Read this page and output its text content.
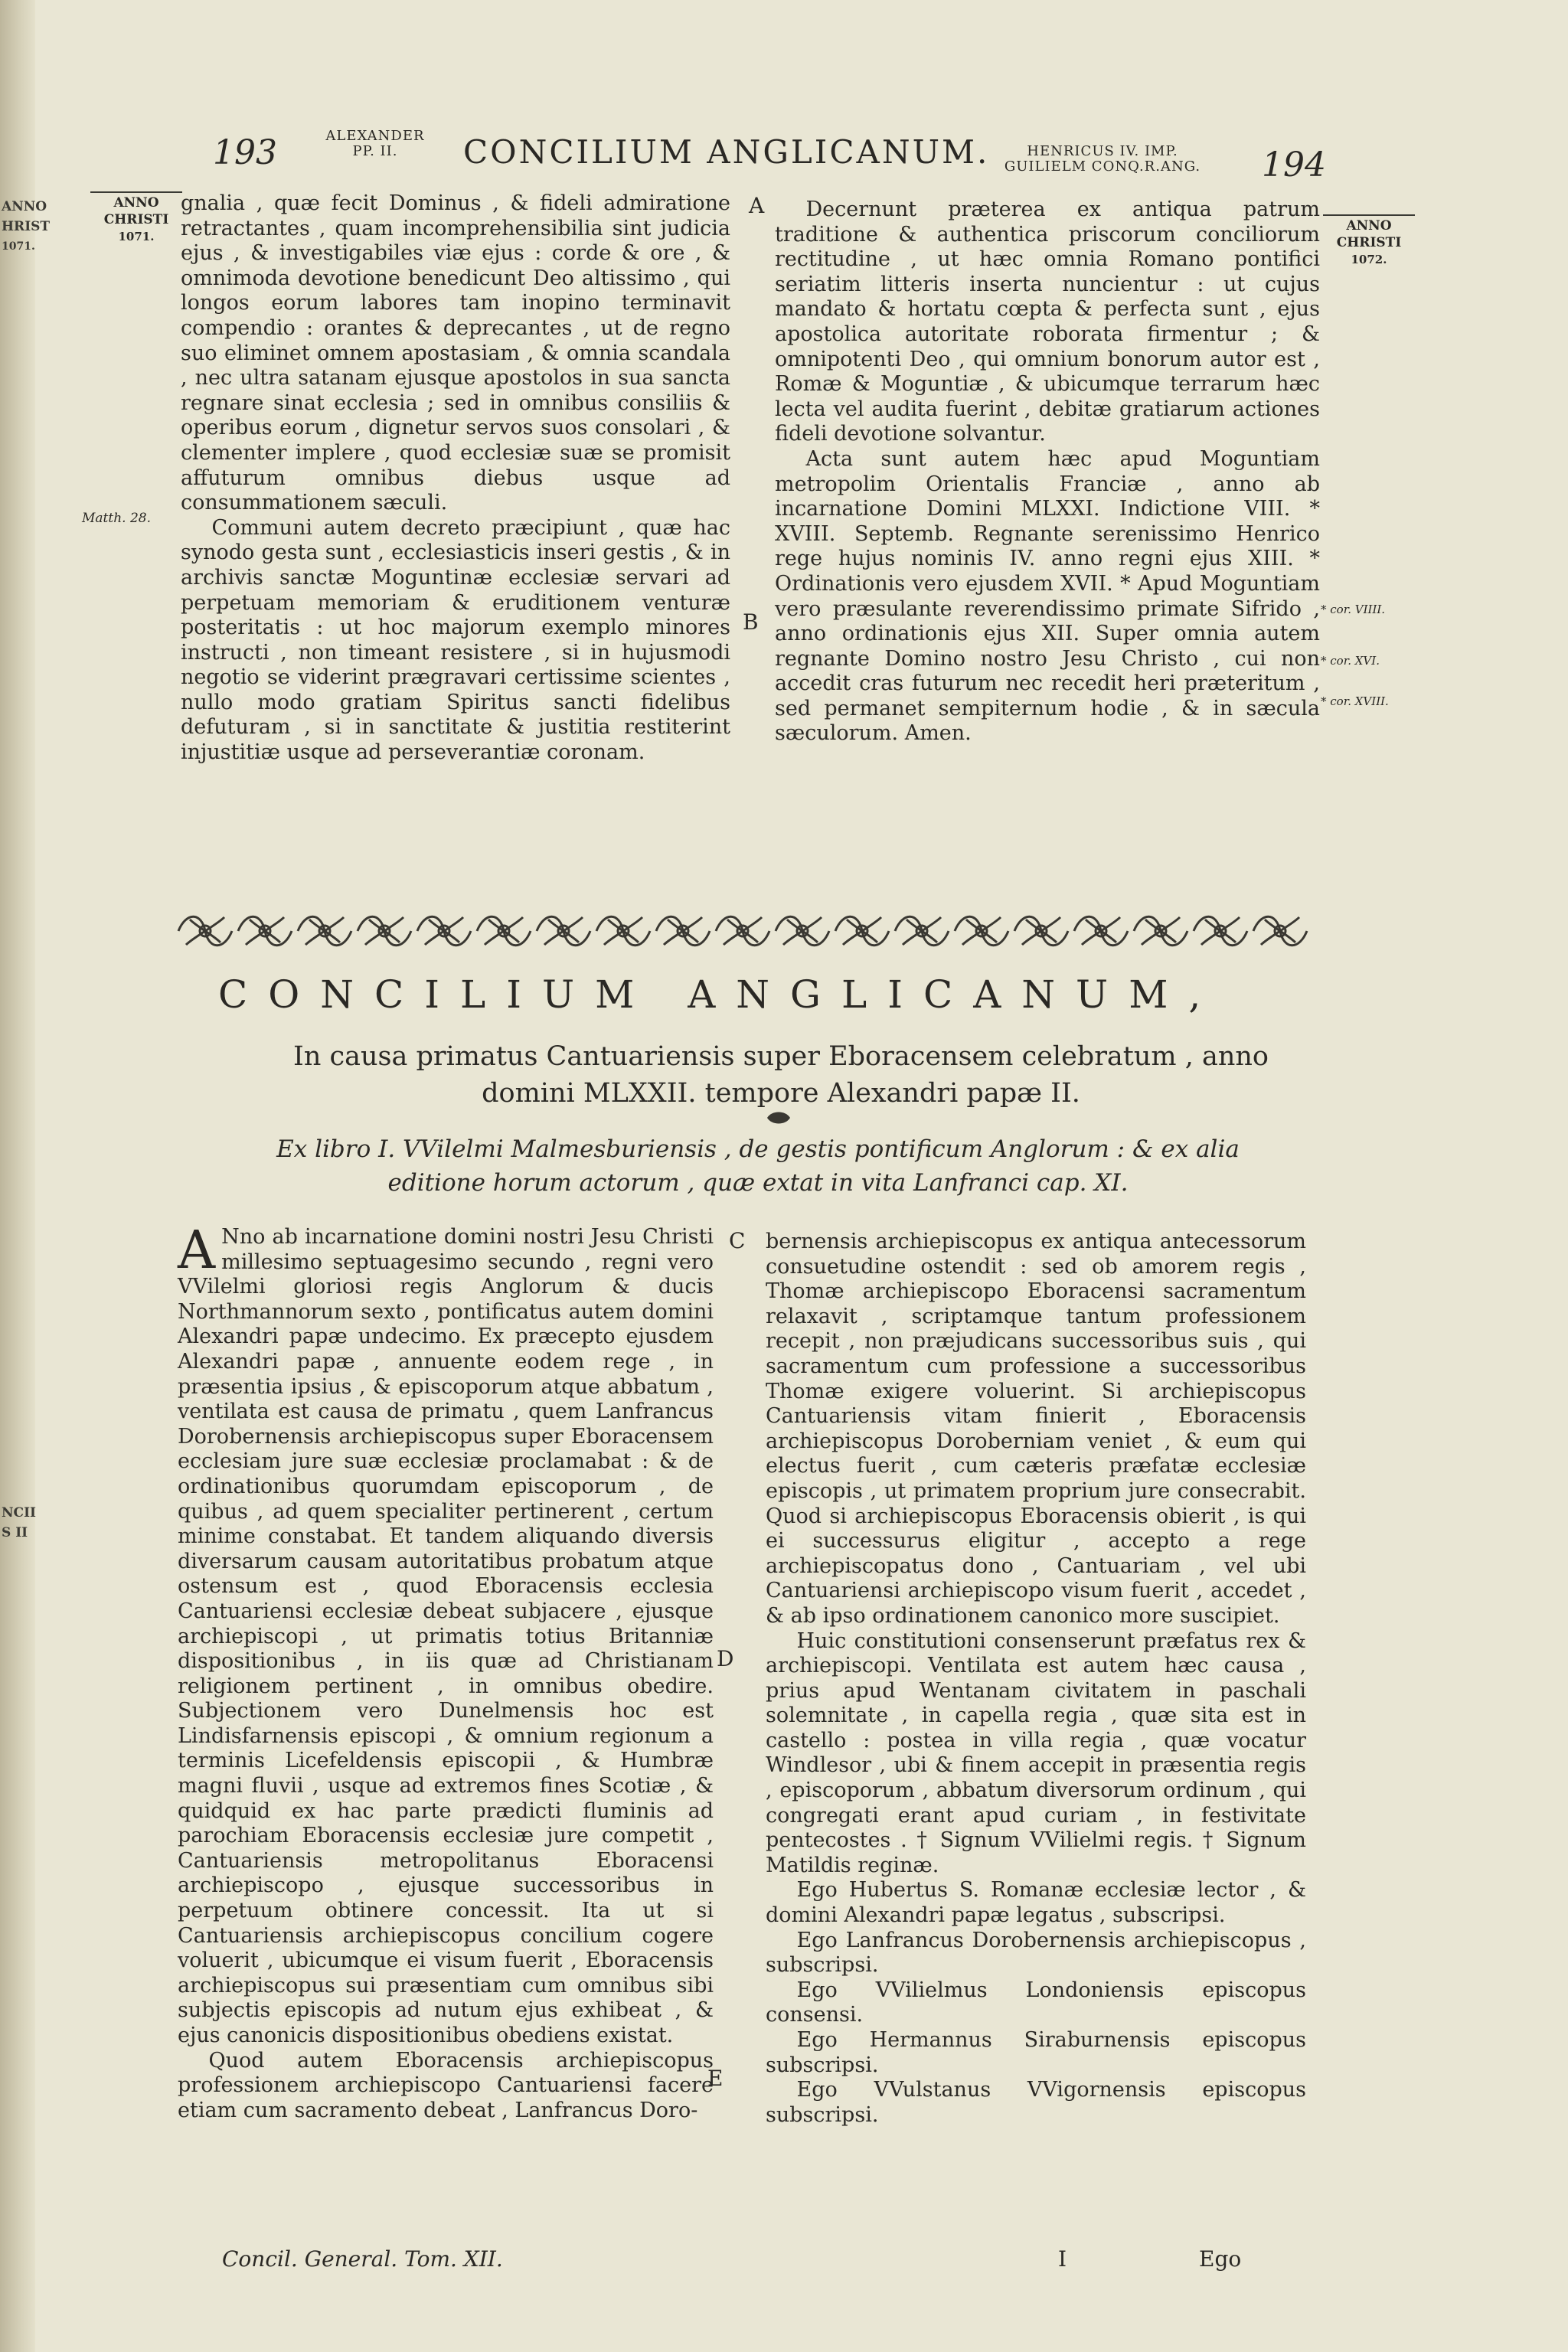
ANNO
HRIST
1071.
NCII
S II
193	ALEXANDER
PP. II.	CONCILIUM ANGLICANUM.	HENRICUS IV. IMP.
GUILIELM CONQ.R.ANG.	194
ANNO
CHRISTI
1071.
Matth. 28.
ANNO
CHRISTI
1072.
* cor. VIIII.
* cor. XVI.
* cor. XVIII.
A
B
C
D
E

gnalia , quæ fecit Dominus , & fideli admiratione retractantes , quam incomprehensibilia sint judicia ejus , & investigabiles viæ ejus : corde & ore , & omnimoda devotione benedicunt Deo altissimo , qui longos eorum labores tam inopino terminavit compendio : orantes & deprecantes , ut de regno suo eliminet omnem apostasiam , & omnia scandala , nec ultra satanam ejusque apostolos in sua sancta regnare sinat ecclesia ; sed in omnibus consiliis & operibus eorum , dignetur servos suos consolari , & clementer implere , quod ecclesiæ suæ se promisit affuturum omnibus diebus usque ad consummationem sæculi.

Communi autem decreto præcipiunt , quæ hac synodo gesta sunt , ecclesiasticis inseri gestis , & in archivis sanctæ Moguntinæ ecclesiæ servari ad perpetuam memoriam & eruditionem venturæ posteritatis : ut hoc majorum exemplo minores instructi , non timeant resistere , si in hujusmodi negotio se viderint prægravari certissime scientes , nullo modo gratiam Spiritus sancti fidelibus defuturam , si in sanctitate & justitia restiterint injustitiæ usque ad perseverantiæ coronam.

Decernunt præterea ex antiqua patrum traditione & authentica priscorum conciliorum rectitudine , ut hæc omnia Romano pontifici seriatim litteris inserta nuncientur : ut cujus mandato & hortatu cœpta & perfecta sunt , ejus apostolica autoritate roborata firmentur ; & omnipotenti Deo , qui omnium bonorum autor est , Romæ & Moguntiæ , & ubicumque terrarum hæc lecta vel audita fuerint , debitæ gratiarum actiones fideli devotione solvantur.

Acta sunt autem hæc apud Moguntiam metropolim Orientalis Franciæ , anno ab incarnatione Domini MLXXI. Indictione VIII. * XVIII. Septemb. Regnante serenissimo Henrico rege hujus nominis IV. anno regni ejus XIII. * Ordinationis vero ejusdem XVII. * Apud Moguntiam vero præsulante reverendissimo primate Sifrido , anno ordinationis ejus XII. Super omnia autem regnante Domino nostro Jesu Christo , cui non accedit cras futurum nec recedit heri præteritum , sed permanet sempiternum hodie , & in sæcula sæculorum. Amen.

CONCILIUM ANGLICANUM,
In causa primatus Cantuariensis super Eboracensem celebratum , anno
domini MLXXII. tempore Alexandri papæ II.
Ex libro I. VVilelmi Malmesburiensis , de gestis pontificum Anglorum : & ex alia
editione horum actorum , quæ extat in vita Lanfranci cap. XI.

A Nno ab incarnatione domini nostri Jesu Christi millesimo septuagesimo secundo , regni vero VVilelmi gloriosi regis Anglorum & ducis Northmannorum sexto , pontificatus autem domini Alexandri papæ undecimo. Ex præcepto ejusdem Alexandri papæ , annuente eodem rege , in præsentia ipsius , & episcoporum atque abbatum , ventilata est causa de primatu , quem Lanfrancus Dorobernensis archiepiscopus super Eboracensem ecclesiam jure suæ ecclesiæ proclamabat : & de ordinationibus quorumdam episcoporum , de quibus , ad quem specialiter pertinerent , certum minime constabat. Et tandem aliquando diversis diversarum causam autoritatibus probatum atque ostensum est , quod Eboracensis ecclesia Cantuariensi ecclesiæ debeat subjacere , ejusque archiepiscopi , ut primatis totius Britanniæ dispositionibus , in iis quæ ad Christianam religionem pertinent , in omnibus obedire. Subjectionem vero Dunelmensis hoc est Lindisfarnensis episcopi , & omnium regionum a terminis Licefeldensis episcopii , & Humbræ magni fluvii , usque ad extremos fines Scotiæ , & quidquid ex hac parte prædicti fluminis ad parochiam Eboracensis ecclesiæ jure competit , Cantuariensis metropolitanus Eboracensi archiepiscopo , ejusque successoribus in perpetuum obtinere concessit. Ita ut si Cantuariensis archiepiscopus concilium cogere voluerit , ubicumque ei visum fuerit , Eboracensis archiepiscopus sui præsentiam cum omnibus sibi subjectis episcopis ad nutum ejus exhibeat , & ejus canonicis dispositionibus obediens existat.

Quod autem Eboracensis archiepiscopus professionem archiepiscopo Cantuariensi facere etiam cum sacramento debeat , Lanfrancus Doro-

bernensis archiepiscopus ex antiqua antecessorum consuetudine ostendit : sed ob amorem regis , Thomæ archiepiscopo Eboracensi sacramentum relaxavit , scriptamque tantum professionem recepit , non præjudicans successoribus suis , qui sacramentum cum professione a successoribus Thomæ exigere voluerint. Si archiepiscopus Cantuariensis vitam finierit , Eboracensis archiepiscopus Doroberniam veniet , & eum qui electus fuerit , cum cæteris præfatæ ecclesiæ episcopis , ut primatem proprium jure consecrabit. Quod si archiepiscopus Eboracensis obierit , is qui ei successurus eligitur , accepto a rege archiepiscopatus dono , Cantuariam , vel ubi Cantuariensi archiepiscopo visum fuerit , accedet , & ab ipso ordinationem canonico more suscipiet.

Huic constitutioni consenserunt præfatus rex & archiepiscopi. Ventilata est autem hæc causa , prius apud Wentanam civitatem in paschali solemnitate , in capella regia , quæ sita est in castello : postea in villa regia , quæ vocatur Windlesor , ubi & finem accepit in præsentia regis , episcoporum , abbatum diversorum ordinum , qui congregati erant apud curiam , in festivitate pentecostes . † Signum VVilielmi regis. † Signum Matildis reginæ.

Ego Hubertus S. Romanæ ecclesiæ lector , & domini Alexandri papæ legatus , subscripsi.

Ego Lanfrancus Dorobernensis archiepiscopus , subscripsi.

Ego VVilielmus Londoniensis episcopus consensi.

Ego Hermannus Siraburnensis episcopus subscripsi.

Ego VVulstanus VVigornensis episcopus subscripsi.

Concil. General. Tom. XII.	I	Ego
